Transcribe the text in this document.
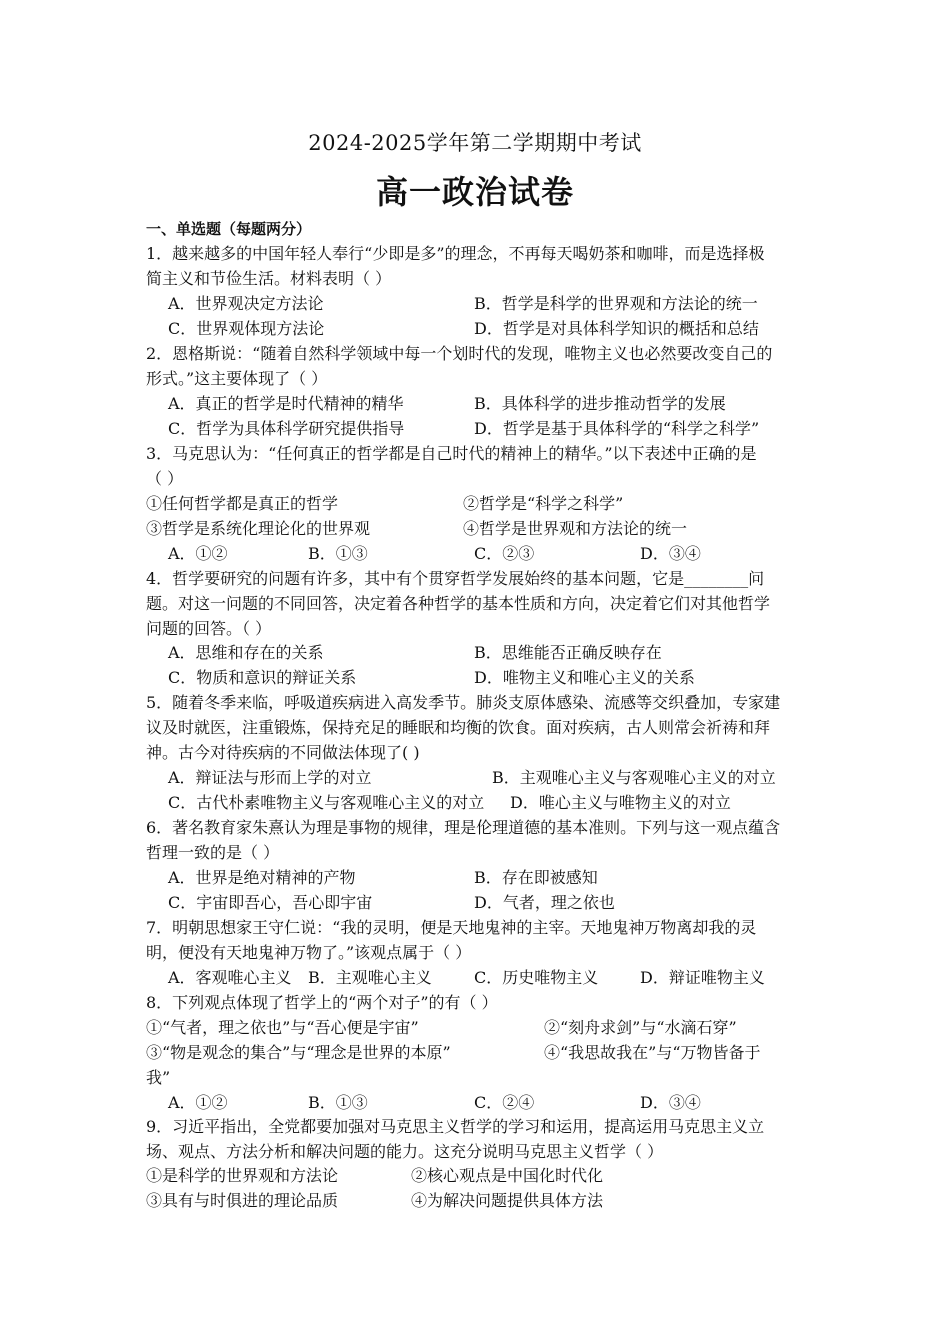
2024-2025学年第二学期期中考试
高一政治试卷
一、单选题（每题两分）
1．越来越多的中国年轻人奉行“少即是多”的理念，不再每天喝奶茶和咖啡，而是选择极
简主义和节俭生活。材料表明（ ）
A．世界观决定方法论	B．哲学是科学的世界观和方法论的统一
C．世界观体现方法论	D．哲学是对具体科学知识的概括和总结
2．恩格斯说：“随着自然科学领域中每一个划时代的发现，唯物主义也必然要改变自己的
形式。”这主要体现了（ ）
A．真正的哲学是时代精神的精华	B．具体科学的进步推动哲学的发展
C．哲学为具体科学研究提供指导	D．哲学是基于具体科学的“科学之科学”
3．马克思认为：“任何真正的哲学都是自己时代的精神上的精华。”以下表述中正确的是
（ ）
①任何哲学都是真正的哲学	②哲学是“科学之科学”
③哲学是系统化理论化的世界观	④哲学是世界观和方法论的统一
A．①②	B．①③	C．②③	D．③④
4．哲学要研究的问题有许多，其中有个贯穿哲学发展始终的基本问题，它是________问
题。对这一问题的不同回答，决定着各种哲学的基本性质和方向，决定着它们对其他哲学
问题的回答。（ ）
A．思维和存在的关系	B．思维能否正确反映存在
C．物质和意识的辩证关系	D．唯物主义和唯心主义的关系
5．随着冬季来临，呼吸道疾病进入高发季节。肺炎支原体感染、流感等交织叠加，专家建
议及时就医，注重锻炼，保持充足的睡眠和均衡的饮食。面对疾病，古人则常会祈祷和拜
神。古今对待疾病的不同做法体现了( )
A．辩证法与形而上学的对立	B．主观唯心主义与客观唯心主义的对立
C．古代朴素唯物主义与客观唯心主义的对立 D．唯心主义与唯物主义的对立
6．著名教育家朱熹认为理是事物的规律，理是伦理道德的基本准则。下列与这一观点蕴含
哲理一致的是（ ）
A．世界是绝对精神的产物	B．存在即被感知
C．宇宙即吾心，吾心即宇宙	D．气者，理之依也
7．明朝思想家王守仁说：“我的灵明，便是天地鬼神的主宰。天地鬼神万物离却我的灵
明，便没有天地鬼神万物了。”该观点属于（ ）
A．客观唯心主义 B．主观唯心主义	C．历史唯物主义	D．辩证唯物主义
8．下列观点体现了哲学上的“两个对子”的有（ ）
①“气者，理之依也”与“吾心便是宇宙”	②“刻舟求剑”与“水滴石穿”
③“物是观念的集合”与“理念是世界的本原”	④“我思故我在”与“万物皆备于
我”
A．①②	B．①③	C．②④	D．③④
9．习近平指出，全党都要加强对马克思主义哲学的学习和运用，提高运用马克思主义立
场、观点、方法分析和解决问题的能力。这充分说明马克思主义哲学（ ）
①是科学的世界观和方法论	②核心观点是中国化时代化
③具有与时俱进的理论品质	④为解决问题提供具体方法
